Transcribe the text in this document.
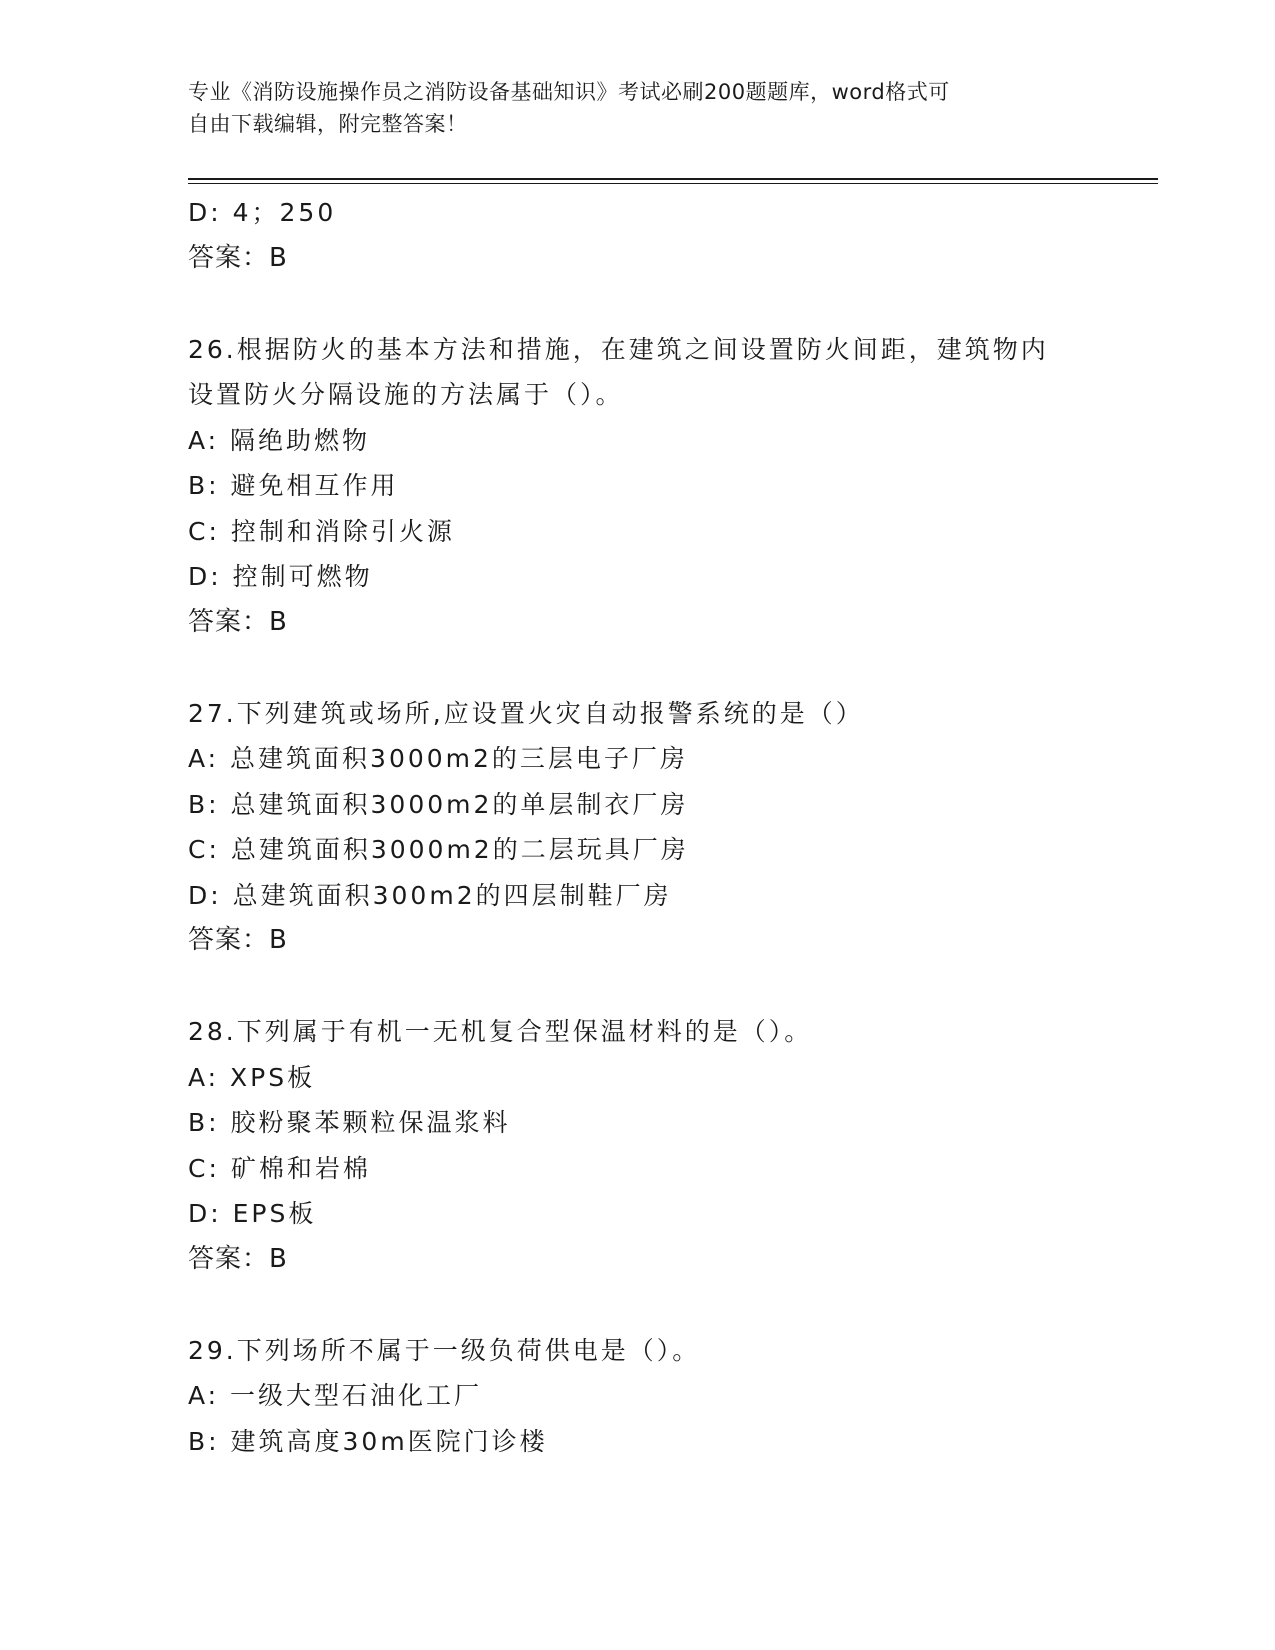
专业《消防设施操作员之消防设备基础知识》考试必刷200题题库，word格式可
自由下载编辑，附完整答案！
D: 4；250
答案：B
26.根据防火的基本方法和措施，在建筑之间设置防火间距，建筑物内
设置防火分隔设施的方法属于（）。
A: 隔绝助燃物
B: 避免相互作用
C: 控制和消除引火源
D: 控制可燃物
答案：B
27.下列建筑或场所,应设置火灾自动报警系统的是（）
A: 总建筑面积3000m2的三层电子厂房
B: 总建筑面积3000m2的单层制衣厂房
C: 总建筑面积3000m2的二层玩具厂房
D: 总建筑面积300m2的四层制鞋厂房
答案：B
28.下列属于有机一无机复合型保温材料的是（）。
A: XPS板
B: 胶粉聚苯颗粒保温浆料
C: 矿棉和岩棉
D: EPS板
答案：B
29.下列场所不属于一级负荷供电是（）。
A: 一级大型石油化工厂
B: 建筑高度30m医院门诊楼
